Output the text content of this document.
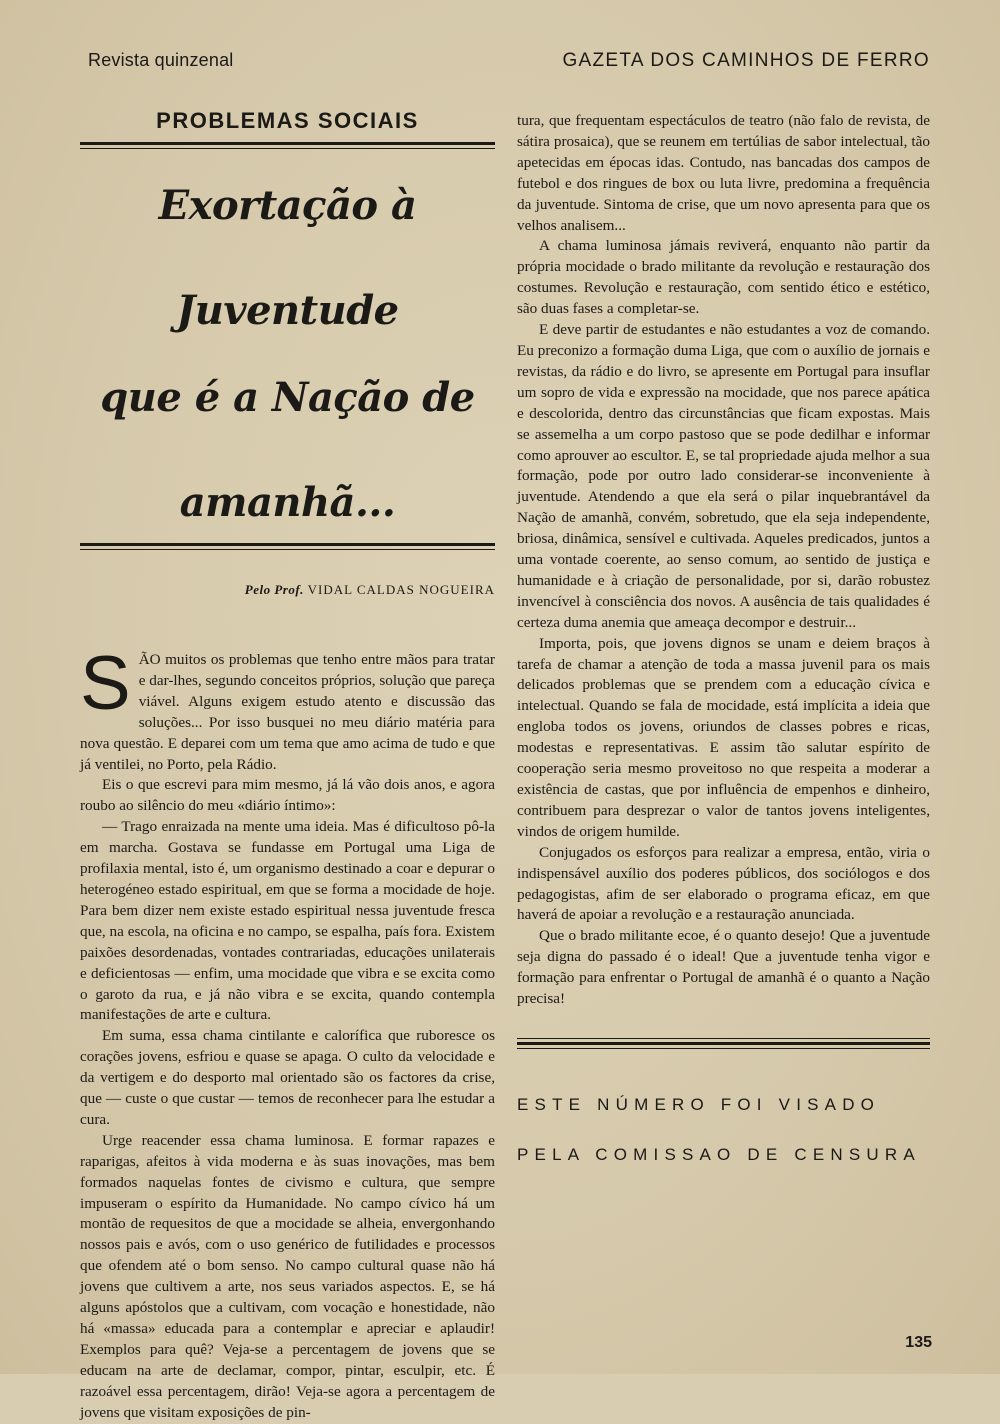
Revista quinzenal	GAZETA DOS CAMINHOS DE FERRO
PROBLEMAS SOCIAIS
Exortação à Juventude
que é a Nação de amanhã...
Pelo Prof. VIDAL CALDAS NOGUEIRA

SÃO muitos os problemas que tenho entre mãos para tratar e dar-lhes, segundo conceitos próprios, solução que pareça viável. Alguns exigem estudo atento e discussão das soluções... Por isso busquei no meu diário matéria para nova questão. E deparei com um tema que amo acima de tudo e que já ventilei, no Porto, pela Rádio.

Eis o que escrevi para mim mesmo, já lá vão dois anos, e agora roubo ao silêncio do meu «diário íntimo»:

— Trago enraizada na mente uma ideia. Mas é dificultoso pô-la em marcha. Gostava se fundasse em Portugal uma Liga de profilaxia mental, isto é, um organismo destinado a coar e depurar o heterogéneo estado espiritual, em que se forma a mocidade de hoje. Para bem dizer nem existe estado espiritual nessa juventude fresca que, na escola, na oficina e no campo, se espalha, país fora. Existem paixões desordenadas, vontades contrariadas, educações unilaterais e deficientosas — enfim, uma mocidade que vibra e se excita como o garoto da rua, e já não vibra e se excita, quando contempla manifestações de arte e cultura.

Em suma, essa chama cintilante e calorífica que ruboresce os corações jovens, esfriou e quase se apaga. O culto da velocidade e da vertigem e do desporto mal orientado são os factores da crise, que — custe o que custar — temos de reconhecer para lhe estudar a cura.

Urge reacender essa chama luminosa. E formar rapazes e raparigas, afeitos à vida moderna e às suas inovações, mas bem formados naquelas fontes de civismo e cultura, que sempre impuseram o espírito da Humanidade. No campo cívico há um montão de requesitos de que a mocidade se alheia, envergonhando nossos pais e avós, com o uso genérico de futilidades e processos que ofendem até o bom senso. No campo cultural quase não há jovens que cultivem a arte, nos seus variados aspectos. E, se há alguns apóstolos que a cultivam, com vocação e honestidade, não há «massa» educada para a contemplar e apreciar e aplaudir! Exemplos para quê? Veja-se a percentagem de jovens que se educam na arte de declamar, compor, pintar, esculpir, etc. É razoável essa percentagem, dirão! Veja-se agora a percentagem de jovens que visitam exposições de pin-

tura, que frequentam espectáculos de teatro (não falo de revista, de sátira prosaica), que se reunem em tertúlias de sabor intelectual, tão apetecidas em épocas idas. Contudo, nas bancadas dos campos de futebol e dos ringues de box ou luta livre, predomina a frequência da juventude. Sintoma de crise, que um novo apresenta para que os velhos analisem...

A chama luminosa jámais reviverá, enquanto não partir da própria mocidade o brado militante da revolução e restauração dos costumes. Revolução e restauração, com sentido ético e estético, são duas fases a completar-se.

E deve partir de estudantes e não estudantes a voz de comando. Eu preconizo a formação duma Liga, que com o auxílio de jornais e revistas, da rádio e do livro, se apresente em Portugal para insuflar um sopro de vida e expressão na mocidade, que nos parece apática e descolorida, dentro das circunstâncias que ficam expostas. Mais se assemelha a um corpo pastoso que se pode dedilhar e informar como aprouver ao escultor. E, se tal propriedade ajuda melhor a sua formação, pode por outro lado considerar-se inconveniente à juventude. Atendendo a que ela será o pilar inquebrantável da Nação de amanhã, convém, sobretudo, que ela seja independente, briosa, dinâmica, sensível e cultivada. Aqueles predicados, juntos a uma vontade coerente, ao senso comum, ao sentido de justiça e humanidade e à criação de personalidade, por si, darão robustez invencível à consciência dos novos. A ausência de tais qualidades é certeza duma anemia que ameaça decompor e destruir...

Importa, pois, que jovens dignos se unam e deiem braços à tarefa de chamar a atenção de toda a massa juvenil para os mais delicados problemas que se prendem com a educação cívica e intelectual. Quando se fala de mocidade, está implícita a ideia que engloba todos os jovens, oriundos de classes pobres e ricas, modestas e representativas. E assim tão salutar espírito de cooperação seria mesmo proveitoso no que respeita a moderar a existência de castas, que por influência de empenhos e dinheiro, contribuem para desprezar o valor de tantos jovens inteligentes, vindos de origem humilde.

Conjugados os esforços para realizar a empresa, então, viria o indispensável auxílio dos poderes públicos, dos sociólogos e dos pedagogistas, afim de ser elaborado o programa eficaz, em que haverá de apoiar a revolução e a restauração anunciada.

Que o brado militante ecoe, é o quanto desejo! Que a juventude seja digna do passado é o ideal! Que a juventude tenha vigor e formação para enfrentar o Portugal de amanhã é o quanto a Nação precisa!

ESTE NÚMERO FOI VISADO
PELA COMISSAO DE CENSURA
135
